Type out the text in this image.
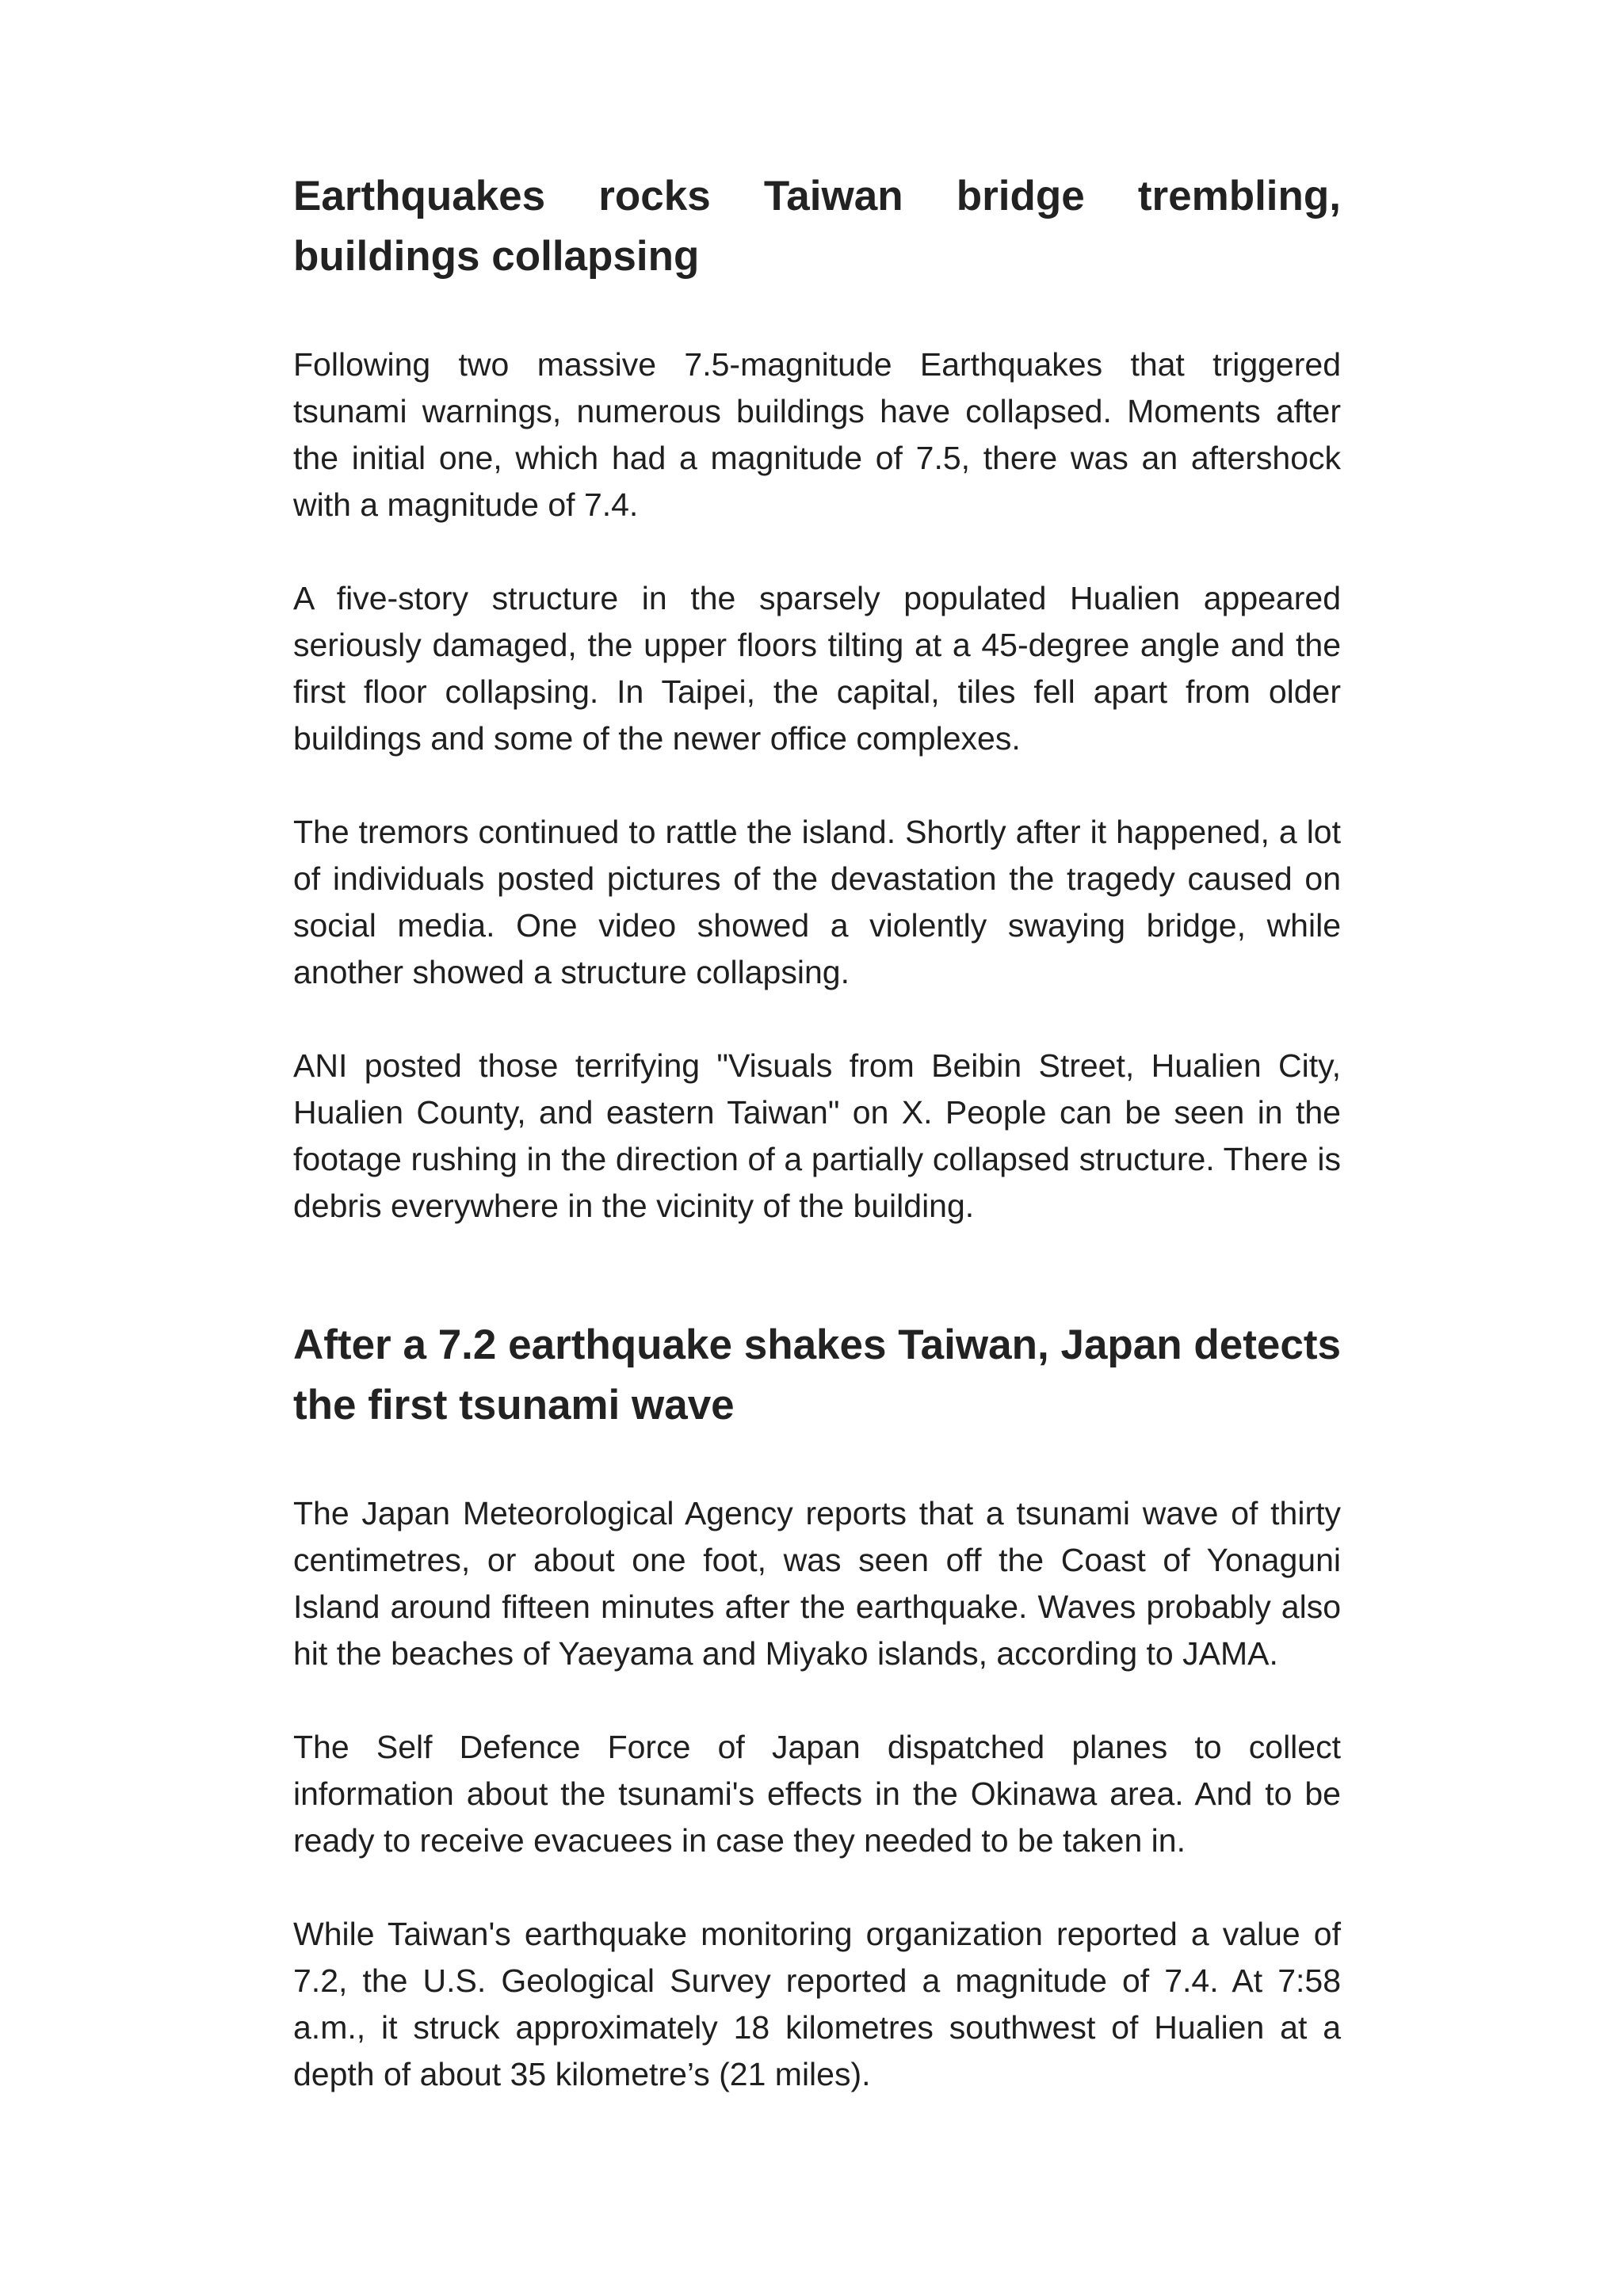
Earthquakes rocks Taiwan bridge trembling, buildings collapsing

Following two massive 7.5-magnitude Earthquakes that triggered tsunami warnings, numerous buildings have collapsed. Moments after the initial one, which had a magnitude of 7.5, there was an aftershock with a magnitude of 7.4.

A five-story structure in the sparsely populated Hualien appeared seriously damaged, the upper floors tilting at a 45-degree angle and the first floor collapsing. In Taipei, the capital, tiles fell apart from older buildings and some of the newer office complexes.

The tremors continued to rattle the island. Shortly after it happened, a lot of individuals posted pictures of the devastation the tragedy caused on social media. One video showed a violently swaying bridge, while another showed a structure collapsing.

ANI posted those terrifying "Visuals from Beibin Street, Hualien City, Hualien County, and eastern Taiwan" on X. People can be seen in the footage rushing in the direction of a partially collapsed structure. There is debris everywhere in the vicinity of the building.

After a 7.2 earthquake shakes Taiwan, Japan detects the first tsunami wave

The Japan Meteorological Agency reports that a tsunami wave of thirty centimetres, or about one foot, was seen off the Coast of Yonaguni Island around fifteen minutes after the earthquake. Waves probably also hit the beaches of Yaeyama and Miyako islands, according to JAMA.

The Self Defence Force of Japan dispatched planes to collect information about the tsunami's effects in the Okinawa area. And to be ready to receive evacuees in case they needed to be taken in.

While Taiwan's earthquake monitoring organization reported a value of 7.2, the U.S. Geological Survey reported a magnitude of 7.4. At 7:58 a.m., it struck approximately 18 kilometres southwest of Hualien at a depth of about 35 kilometre’s (21 miles).
